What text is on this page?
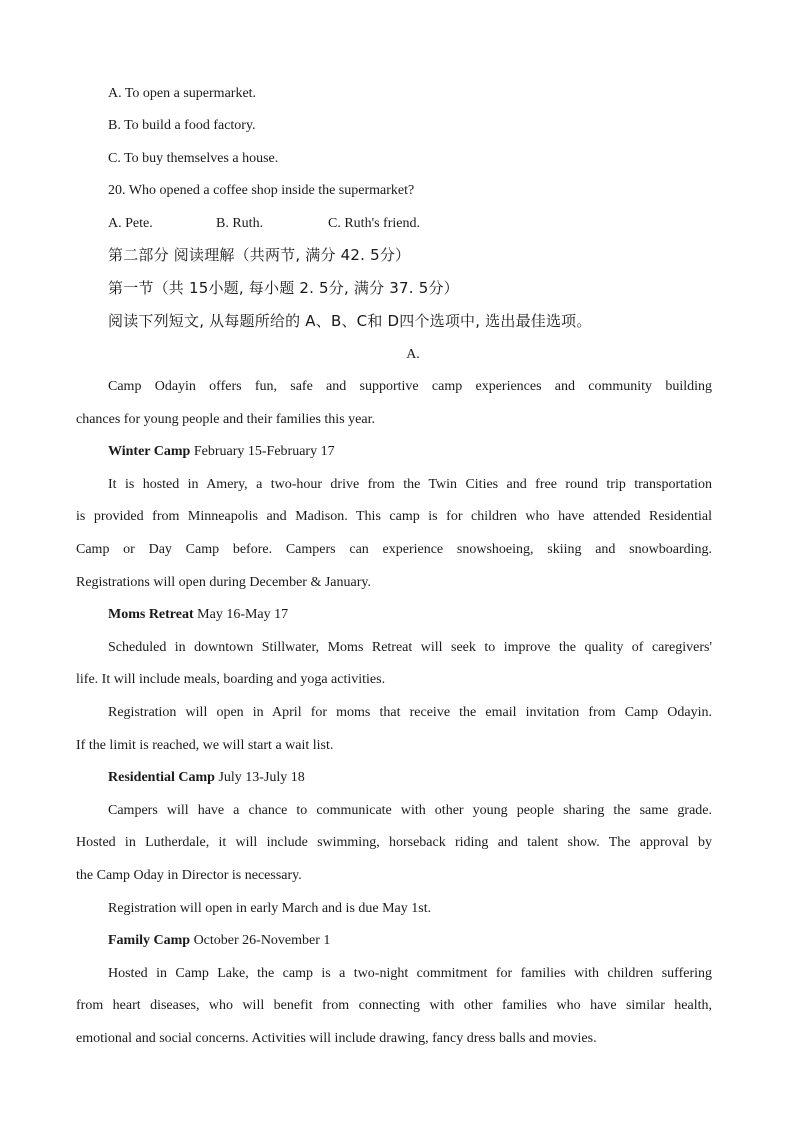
A. To open a supermarket.
B. To build a food factory.
C. To buy themselves a house.
20. Who opened a coffee shop inside the supermarket?
A. Pete.	B. Ruth.	C. Ruth's friend.
第二部分 阅读理解（共两节, 满分 42. 5分）
第一节（共 15小题, 每小题 2. 5分, 满分 37. 5分）
阅读下列短文, 从每题所给的 A、B、C和 D四个选项中, 选出最佳选项。
A.
Camp Odayin offers fun, safe and supportive camp experiences and community building
chances for young people and their families this year.
Winter Camp February 15-February 17
It is hosted in Amery, a two-hour drive from the Twin Cities and free round trip transportation
is provided from Minneapolis and Madison. This camp is for children who have attended Residential
Camp or Day Camp before. Campers can experience snowshoeing, skiing and snowboarding.
Registrations will open during December & January.
Moms Retreat May 16-May 17
Scheduled in downtown Stillwater, Moms Retreat will seek to improve the quality of caregivers'
life. It will include meals, boarding and yoga activities.
Registration will open in April for moms that receive the email invitation from Camp Odayin.
If the limit is reached, we will start a wait list.
Residential Camp July 13-July 18
Campers will have a chance to communicate with other young people sharing the same grade.
Hosted in Lutherdale, it will include swimming, horseback riding and talent show. The approval by
the Camp Oday in Director is necessary.
Registration will open in early March and is due May 1st.
Family Camp October 26-November 1
Hosted in Camp Lake, the camp is a two-night commitment for families with children suffering
from heart diseases, who will benefit from connecting with other families who have similar health,
emotional and social concerns. Activities will include drawing, fancy dress balls and movies.
